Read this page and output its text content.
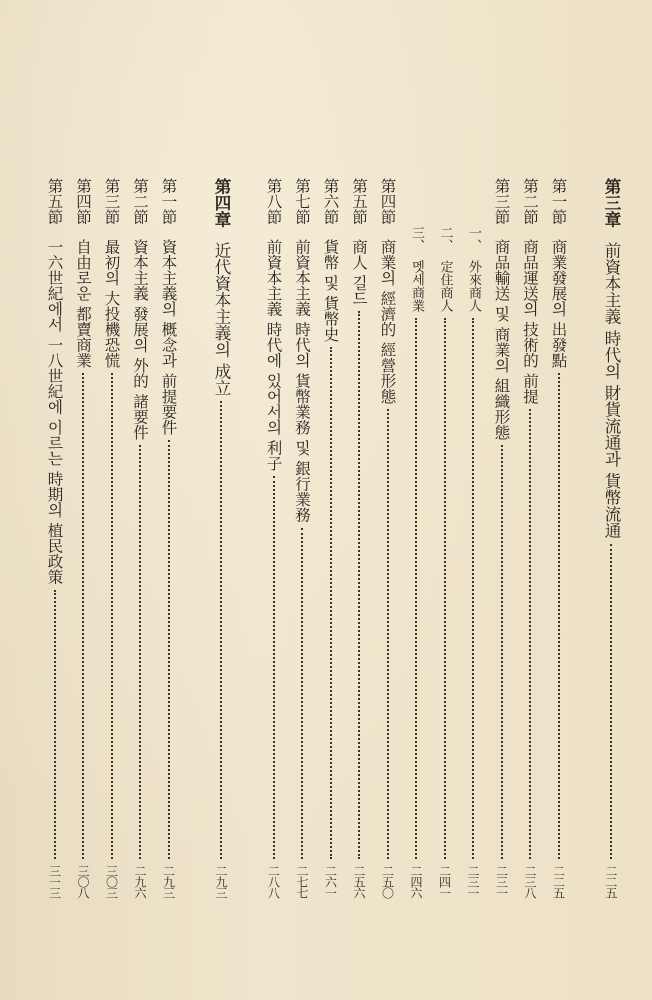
第三章
前資本主義 時代의 財貨流通과 貨幣流通
二二五
第一節
商業發展의 出發點
二二五
第二節
商品運送의 技術的 前提
二三八
第三節
商品輸送 및 商業의 組織形態
二三一
一、
外來商人
二三一
二、
定住商人
二四一
三、
멧세商業
二四六
第四節
商業의 經濟的 經營形態
二五〇
第五節
商人 길드
二五六
第六節
貨幣 및 貨幣史
二六一
第七節
前資本主義 時代의 貨幣業務 및 銀行業務
二七七
第八節
前資本主義 時代에 있어서의 利子
二八八
第四章
近代資本主義의 成立
二九三
第一節
資本主義의 概念과 前提要件
二九三
第二節
資本主義 發展의 外的 諸要件
二九六
第三節
最初의 大投機恐慌
三〇三
第四節
自由로운 都賣商業
三〇八
第五節
一六世紀에서 一八世紀에 이르는 時期의 植民政策
三一三
